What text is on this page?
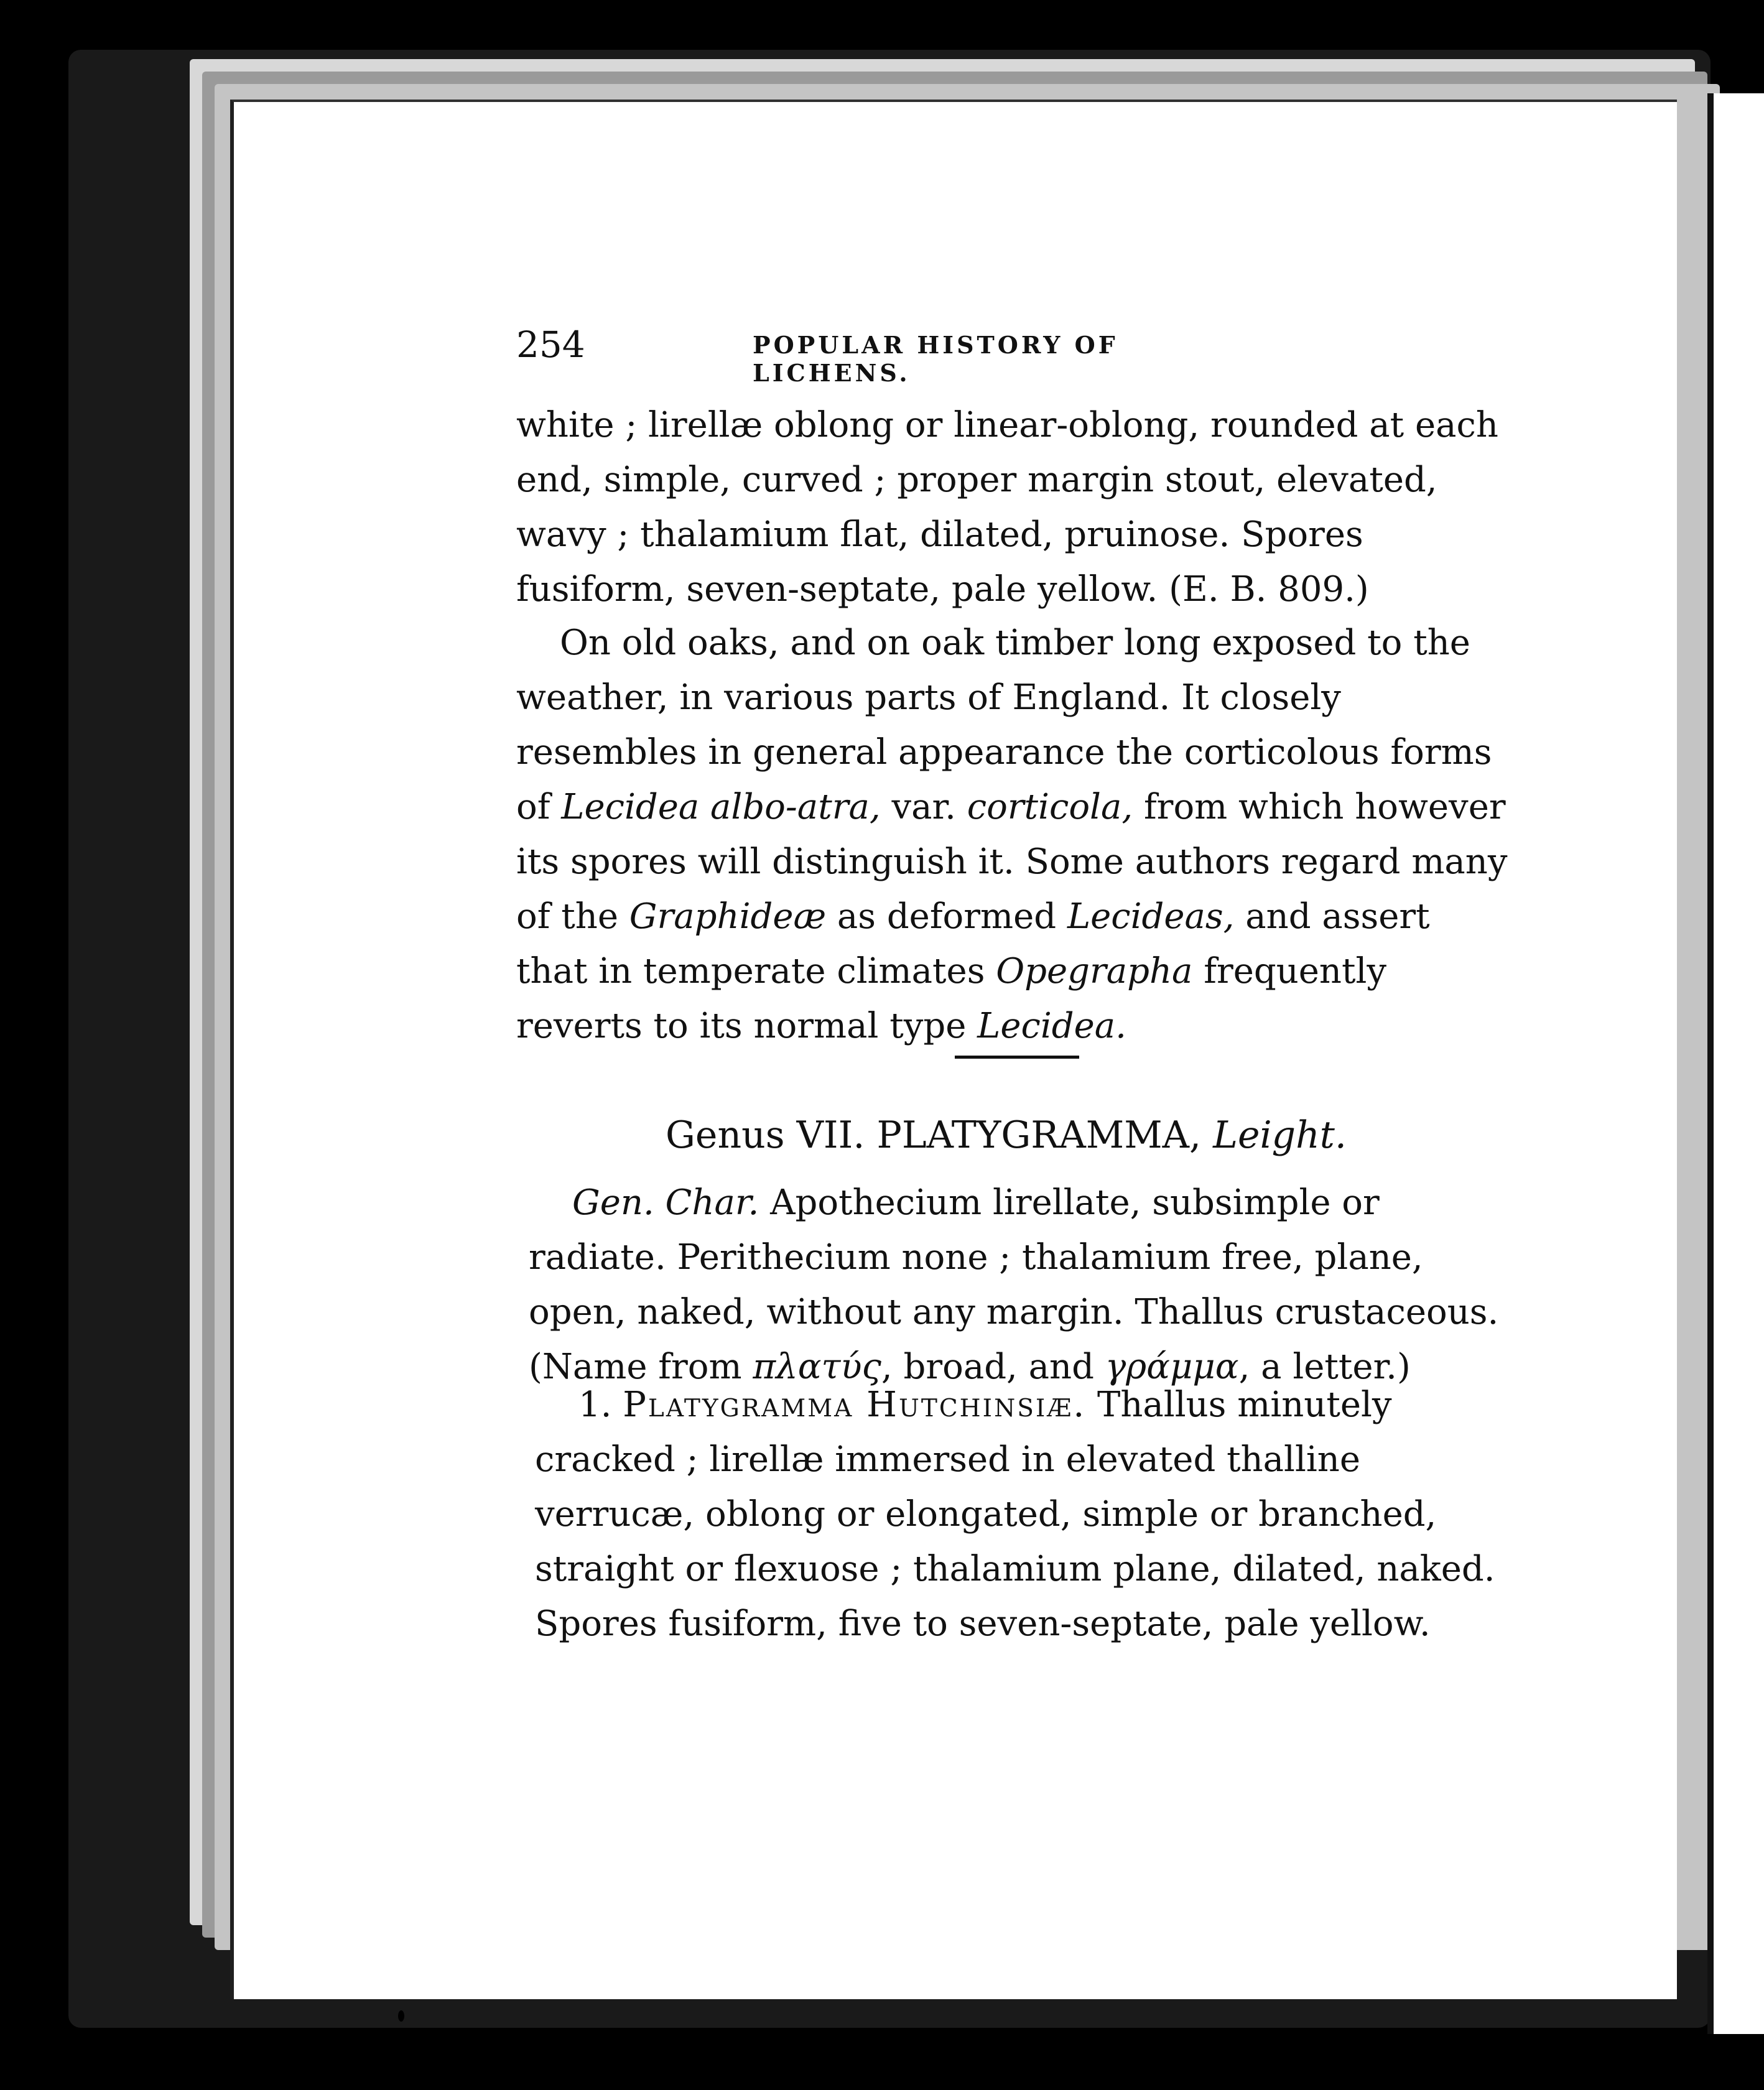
254	POPULAR HISTORY OF LICHENS.

white ; lirellæ oblong or linear-oblong, rounded at each end, simple, curved ; proper margin stout, elevated, wavy ; thalamium flat, dilated, pruinose. Spores fusiform, seven-septate, pale yellow. (E. B. 809.)

On old oaks, and on oak timber long exposed to the weather, in various parts of England. It closely resembles in general appearance the corticolous forms of Lecidea albo-atra, var. corticola, from which however its spores will distinguish it. Some authors regard many of the Graphideæ as deformed Lecideas, and assert that in temperate climates Opegrapha frequently reverts to its normal type Lecidea.

Genus VII. PLATYGRAMMA, Leight.

Gen. Char. Apothecium lirellate, subsimple or radiate. Perithecium none ; thalamium free, plane, open, naked, without any margin. Thallus crustaceous. (Name from πλατύς, broad, and γράμμα, a letter.)

1. Platygramma Hutchinsiæ. Thallus minutely cracked ; lirellæ immersed in elevated thalline verrucæ, oblong or elongated, simple or branched, straight or flexuose ; thalamium plane, dilated, naked. Spores fusiform, five to seven-septate, pale yellow.
